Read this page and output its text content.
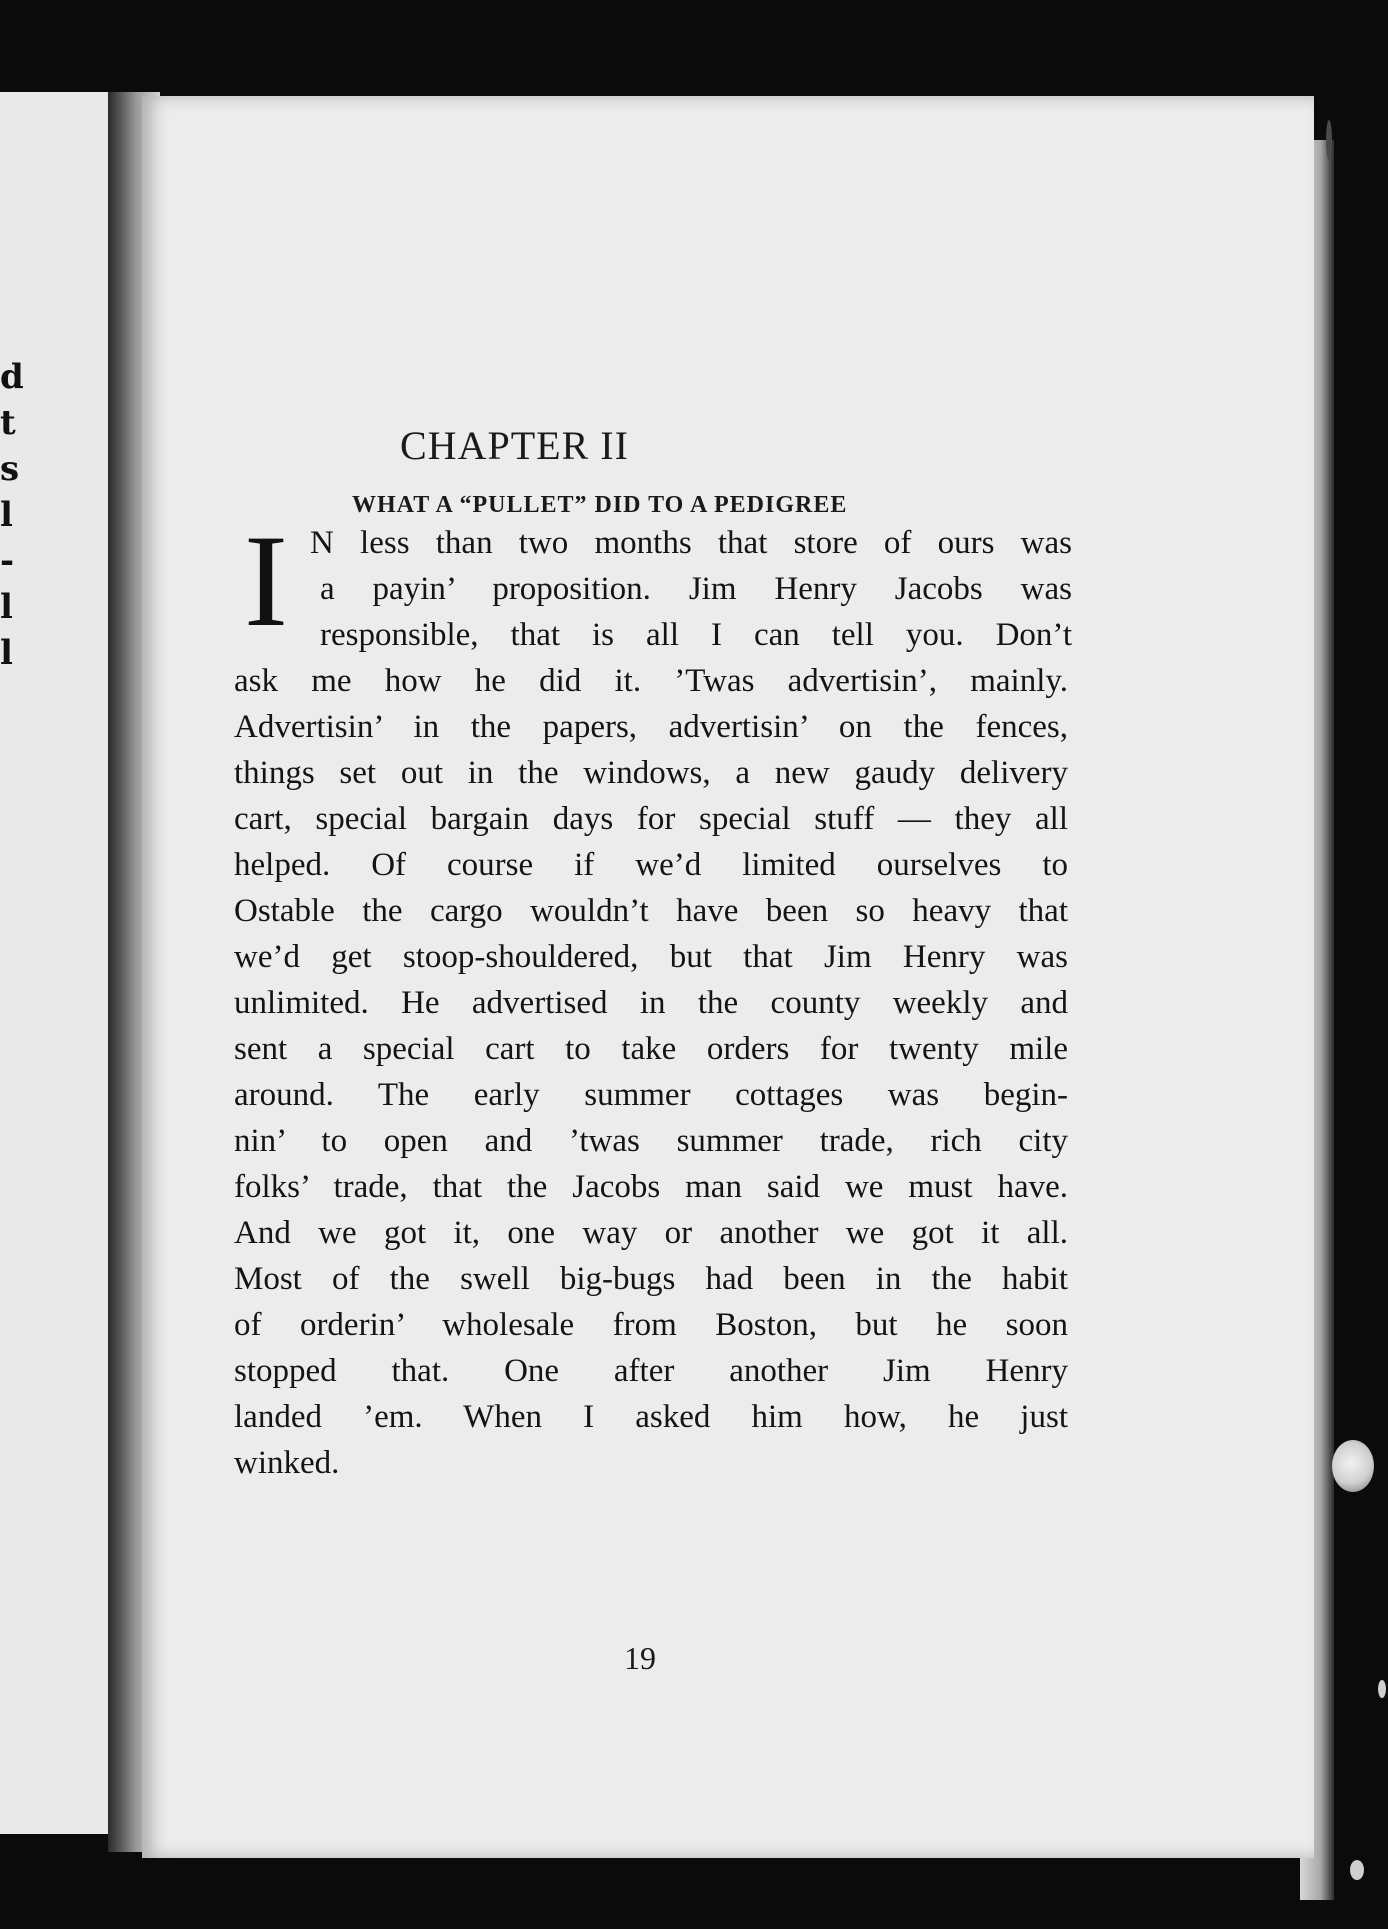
d
t
s
l
-
l
l
CHAPTER II
WHAT A “PULLET” DID TO A PEDIGREE
I N less than two months that store of ours was
a payin’ proposition. Jim Henry Jacobs was
responsible, that is all I can tell you. Don’t
ask me how he did it. ’Twas advertisin’, mainly.
Advertisin’ in the papers, advertisin’ on the fences,
things set out in the windows, a new gaudy delivery
cart, special bargain days for special stuff — they all
helped. Of course if we’d limited ourselves to
Ostable the cargo wouldn’t have been so heavy that
we’d get stoop-shouldered, but that Jim Henry was
unlimited. He advertised in the county weekly and
sent a special cart to take orders for twenty mile
around. The early summer cottages was begin-
nin’ to open and ’twas summer trade, rich city
folks’ trade, that the Jacobs man said we must have.
And we got it, one way or another we got it all.
Most of the swell big-bugs had been in the habit
of orderin’ wholesale from Boston, but he soon
stopped that. One after another Jim Henry
landed ’em. When I asked him how, he just
winked.
19
